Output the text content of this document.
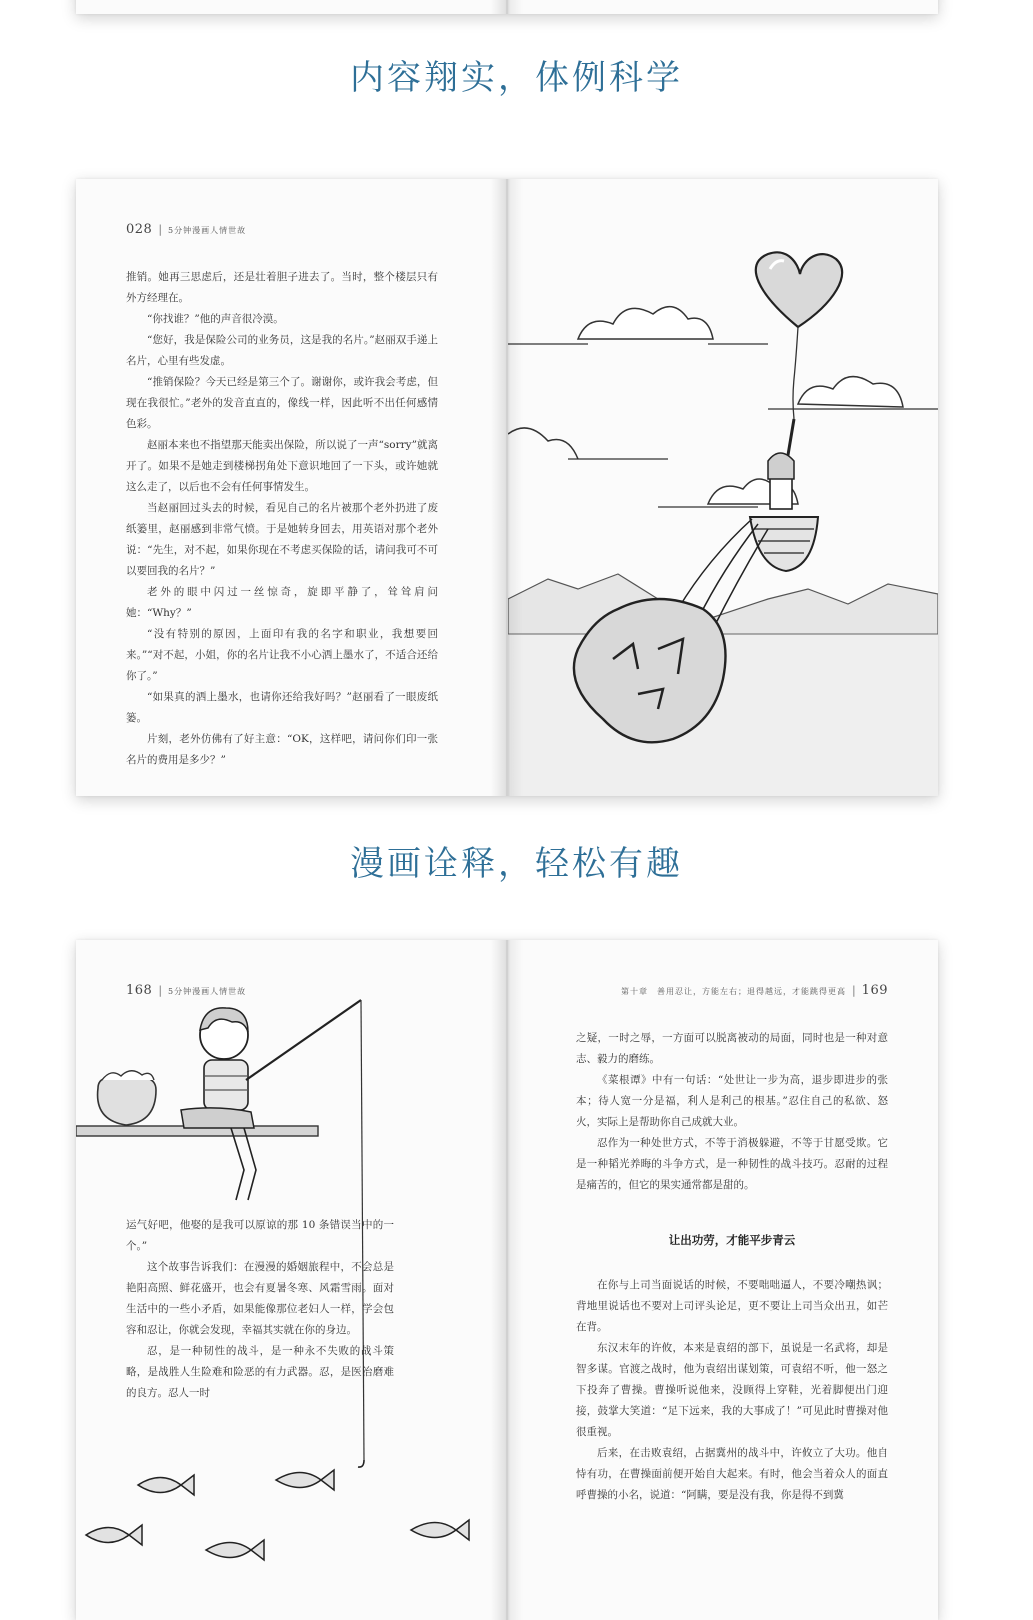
内容翔实，体例科学
028 | 5分钟漫画人情世故

推销。她再三思虑后，还是壮着胆子进去了。当时，整个楼层只有外方经理在。

“你找谁？”他的声音很冷漠。

“您好，我是保险公司的业务员，这是我的名片。”赵丽双手递上名片，心里有些发虚。

“推销保险？今天已经是第三个了。谢谢你，或许我会考虑，但现在我很忙。”老外的发音直直的，像线一样，因此听不出任何感情色彩。

赵丽本来也不指望那天能卖出保险，所以说了一声“sorry”就离开了。如果不是她走到楼梯拐角处下意识地回了一下头，或许她就这么走了，以后也不会有任何事情发生。

当赵丽回过头去的时候，看见自己的名片被那个老外扔进了废纸篓里，赵丽感到非常气愤。于是她转身回去，用英语对那个老外说：“先生，对不起，如果你现在不考虑买保险的话，请问我可不可以要回我的名片？”

老外的眼中闪过一丝惊奇，旋即平静了，耸耸肩问她：“Why？”

“没有特别的原因，上面印有我的名字和职业，我想要回来。”“对不起，小姐，你的名片让我不小心洒上墨水了，不适合还给你了。”

“如果真的洒上墨水，也请你还给我好吗？”赵丽看了一眼废纸篓。

片刻，老外仿佛有了好主意：“OK，这样吧，请问你们印一张名片的费用是多少？”

漫画诠释，轻松有趣
168 | 5分钟漫画人情世故

运气好吧，他娶的是我可以原谅的那 10 条错误当中的一个。”

这个故事告诉我们：在漫漫的婚姻旅程中，不会总是艳阳高照、鲜花盛开，也会有夏暑冬寒、风霜雪雨。面对生活中的一些小矛盾，如果能像那位老妇人一样，学会包容和忍让，你就会发现，幸福其实就在你的身边。

忍，是一种韧性的战斗，是一种永不失败的战斗策略，是战胜人生险难和险恶的有力武器。忍，是医治磨难的良方。忍人一时

第十章　善用忍让，方能左右；退得越远，才能跳得更高 | 169

之疑，一时之辱，一方面可以脱离被动的局面，同时也是一种对意志、毅力的磨练。

《菜根谭》中有一句话：“处世让一步为高，退步即进步的张本；待人宽一分是福，利人是利己的根基。”忍住自己的私欲、怒火，实际上是帮助你自己成就大业。

忍作为一种处世方式，不等于消极躲避，不等于甘愿受欺。它是一种韬光养晦的斗争方式，是一种韧性的战斗技巧。忍耐的过程是痛苦的，但它的果实通常都是甜的。

让出功劳，才能平步青云

在你与上司当面说话的时候，不要咄咄逼人，不要冷嘲热讽；背地里说话也不要对上司评头论足，更不要让上司当众出丑，如芒在背。

东汉末年的许攸，本来是袁绍的部下，虽说是一名武将，却是智多谋。官渡之战时，他为袁绍出谋划策，可袁绍不听，他一怒之下投奔了曹操。曹操听说他来，没顾得上穿鞋，光着脚便出门迎接，鼓掌大笑道：“足下远来，我的大事成了！”可见此时曹操对他很重视。

后来，在击败袁绍，占据冀州的战斗中，许攸立了大功。他自恃有功，在曹操面前便开始自大起来。有时，他会当着众人的面直呼曹操的小名，说道：“阿瞒，要是没有我，你是得不到冀
